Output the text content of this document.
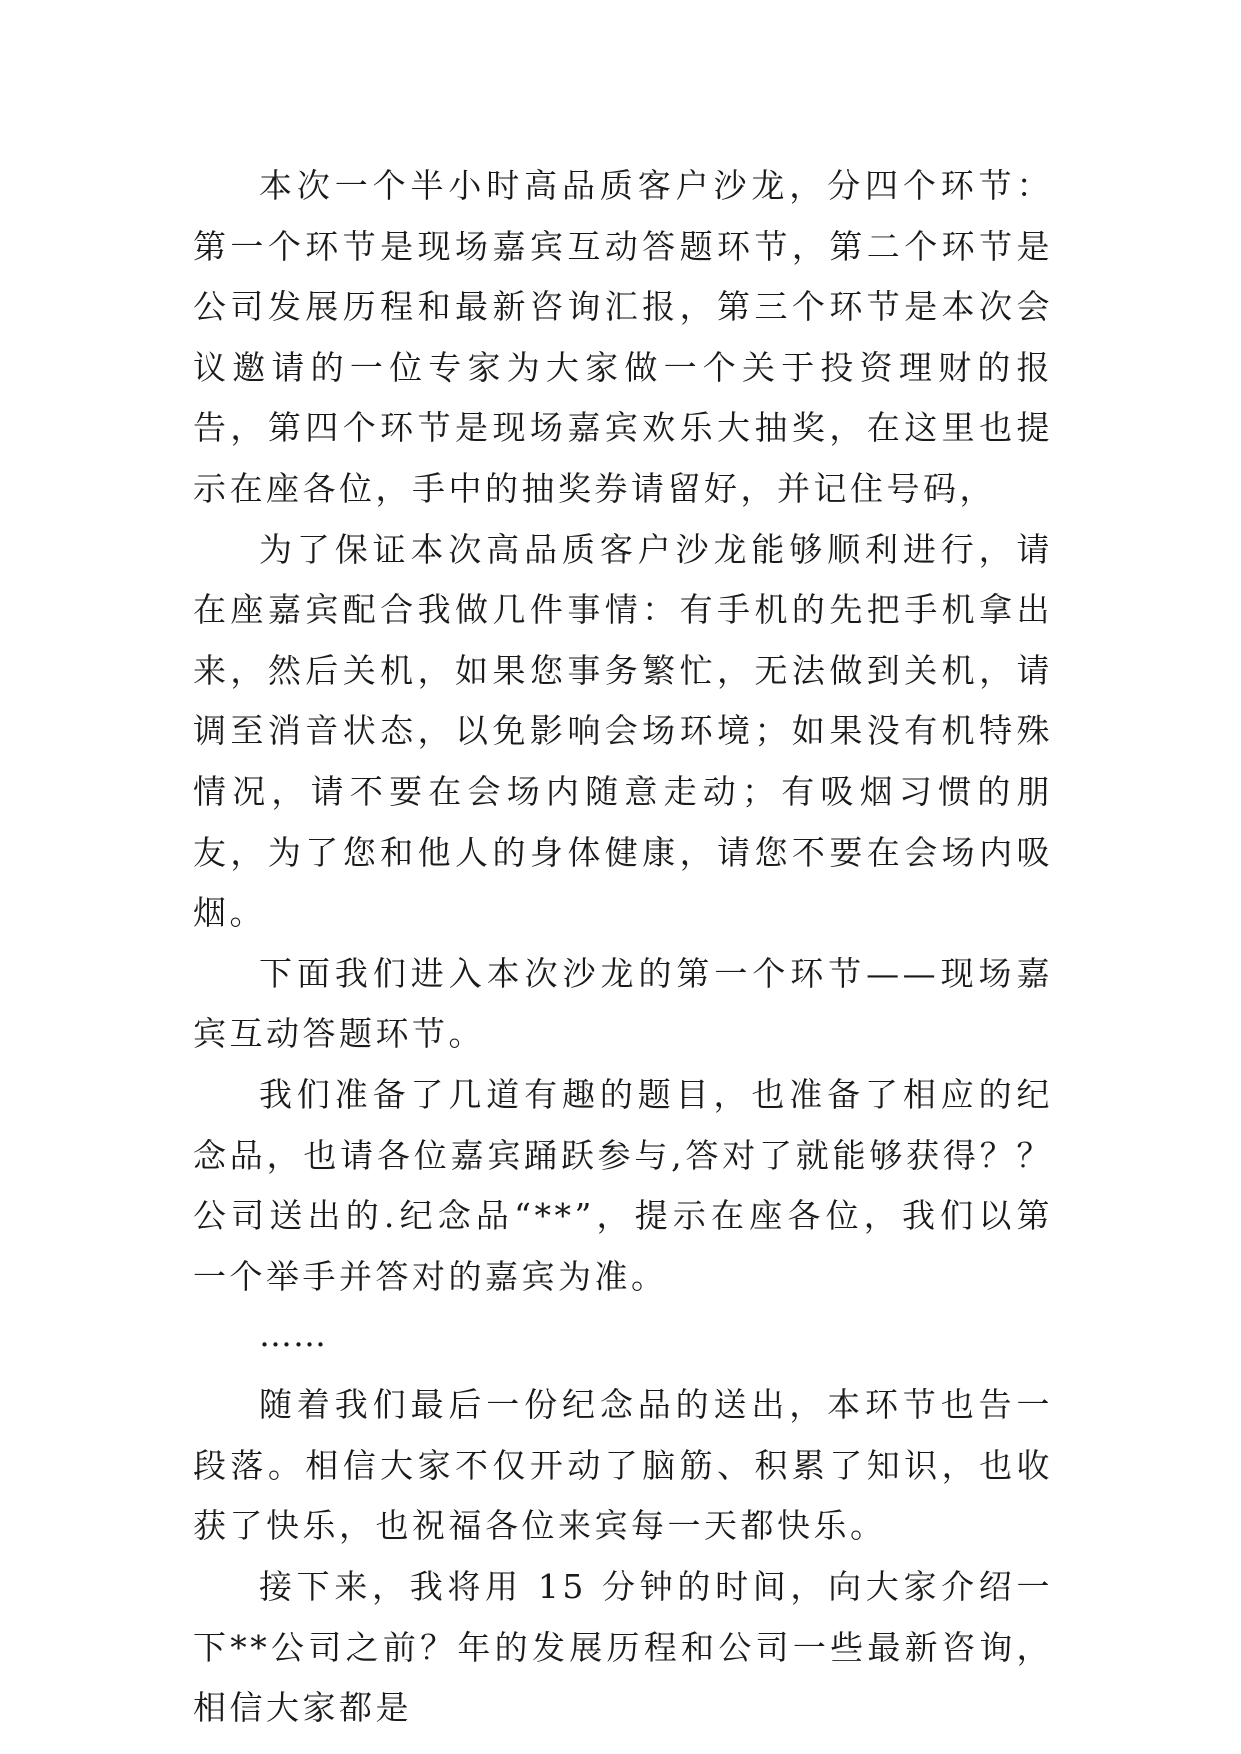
本次一个半小时高品质客户沙龙，分四个环节：第一个环节是现场嘉宾互动答题环节，第二个环节是公司发展历程和最新咨询汇报，第三个环节是本次会议邀请的一位专家为大家做一个关于投资理财的报告，第四个环节是现场嘉宾欢乐大抽奖，在这里也提示在座各位，手中的抽奖券请留好，并记住号码，

为了保证本次高品质客户沙龙能够顺利进行，请在座嘉宾配合我做几件事情：有手机的先把手机拿出来，然后关机，如果您事务繁忙，无法做到关机，请调至消音状态，以免影响会场环境；如果没有机特殊情况，请不要在会场内随意走动；有吸烟习惯的朋友，为了您和他人的身体健康，请您不要在会场内吸烟。

下面我们进入本次沙龙的第一个环节——现场嘉宾互动答题环节。

我们准备了几道有趣的题目，也准备了相应的纪念品，也请各位嘉宾踊跃参与,答对了就能够获得？？公司送出的.纪念品“**”，提示在座各位，我们以第一个举手并答对的嘉宾为准。

……

随着我们最后一份纪念品的送出，本环节也告一段落。相信大家不仅开动了脑筋、积累了知识，也收获了快乐，也祝福各位来宾每一天都快乐。

接下来，我将用 15 分钟的时间，向大家介绍一下**公司之前？年的发展历程和公司一些最新咨询，相信大家都是
